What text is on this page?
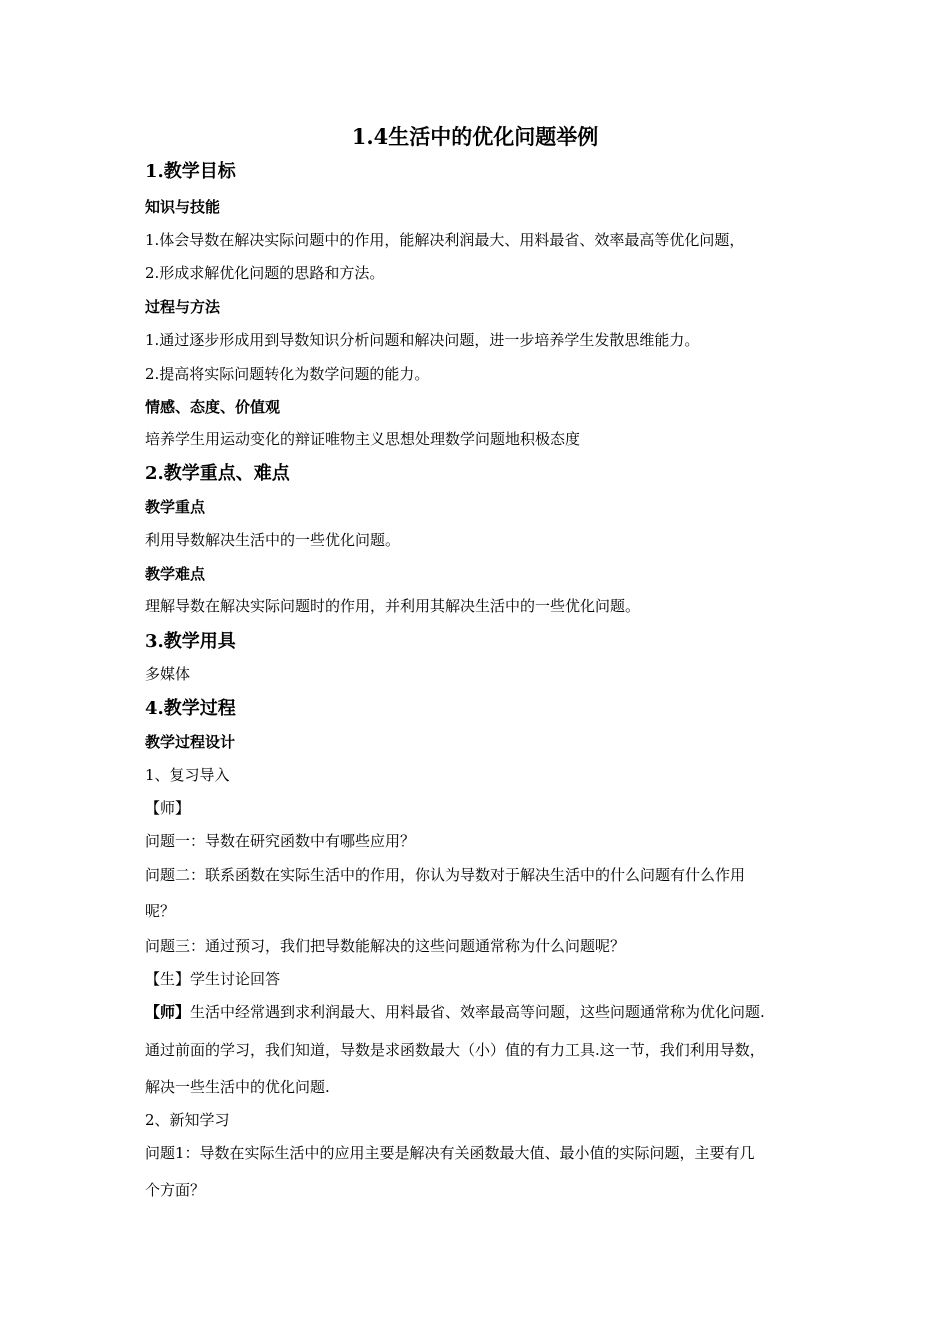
1.4生活中的优化问题举例
1.教学目标
知识与技能
1.体会导数在解决实际问题中的作用，能解决利润最大、用料最省、效率最高等优化问题，
2.形成求解优化问题的思路和方法。
过程与方法
1.通过逐步形成用到导数知识分析问题和解决问题，进一步培养学生发散思维能力。
2.提高将实际问题转化为数学问题的能力。
情感、态度、价值观
培养学生用运动变化的辩证唯物主义思想处理数学问题地积极态度
2.教学重点、难点
教学重点
利用导数解决生活中的一些优化问题。
教学难点
理解导数在解决实际问题时的作用，并利用其解决生活中的一些优化问题。
3.教学用具
多媒体
4.教学过程
教学过程设计
1、复习导入
【师】
问题一：导数在研究函数中有哪些应用？
问题二：联系函数在实际生活中的作用，你认为导数对于解决生活中的什么问题有什么作用
呢？
问题三：通过预习，我们把导数能解决的这些问题通常称为什么问题呢？
【生】学生讨论回答
【师】生活中经常遇到求利润最大、用料最省、效率最高等问题，这些问题通常称为优化问题.
通过前面的学习，我们知道，导数是求函数最大（小）值的有力工具.这一节，我们利用导数，
解决一些生活中的优化问题.
2、新知学习
问题1：导数在实际生活中的应用主要是解决有关函数最大值、最小值的实际问题，主要有几
个方面？
